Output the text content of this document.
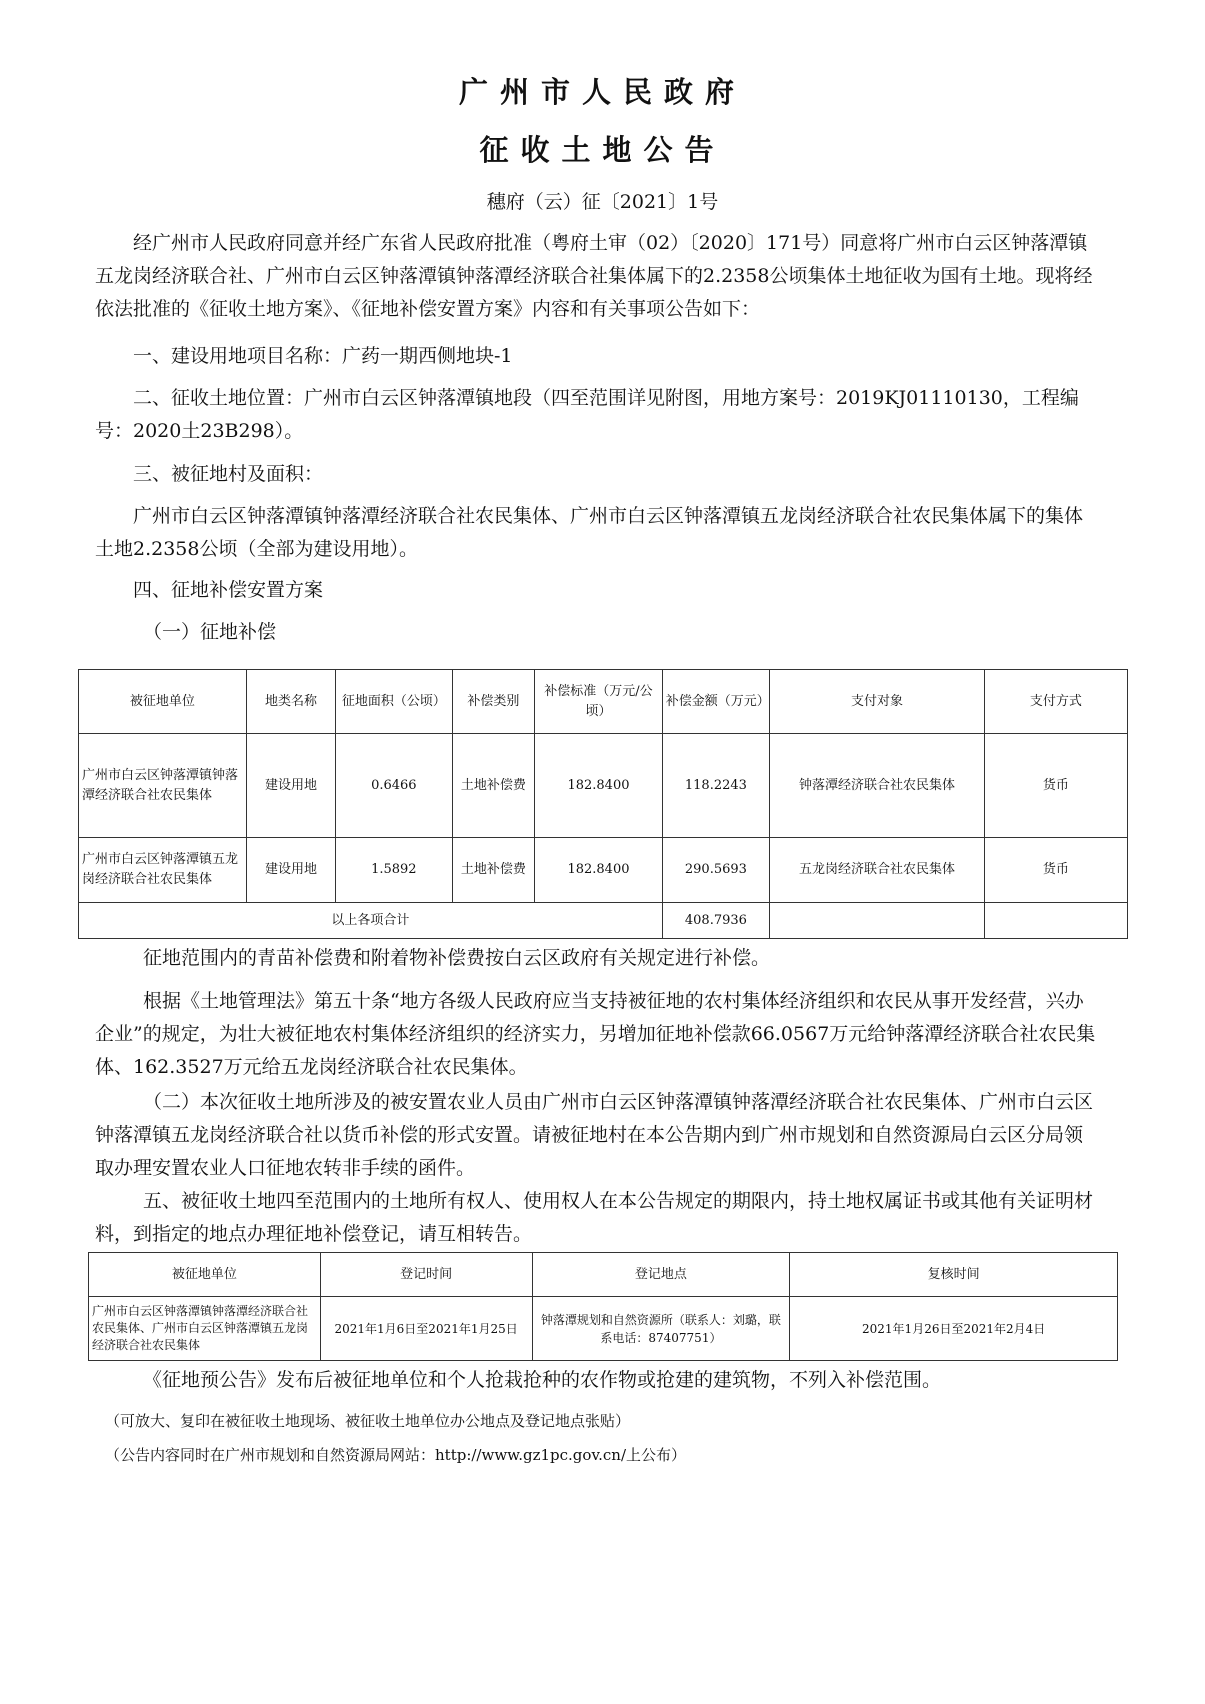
广州市人民政府
征收土地公告
穗府（云）征〔2021〕1号

经广州市人民政府同意并经广东省人民政府批准（粤府土审（02）〔2020〕171号）同意将广州市白云区钟落潭镇五龙岗经济联合社、广州市白云区钟落潭镇钟落潭经济联合社集体属下的2.2358公顷集体土地征收为国有土地。现将经依法批准的《征收土地方案》、《征地补偿安置方案》内容和有关事项公告如下：

一、建设用地项目名称：广药一期西侧地块-1

二、征收土地位置：广州市白云区钟落潭镇地段（四至范围详见附图，用地方案号：2019KJ01110130，工程编号：2020土23B298）。

三、被征地村及面积：

广州市白云区钟落潭镇钟落潭经济联合社农民集体、广州市白云区钟落潭镇五龙岗经济联合社农民集体属下的集体土地2.2358公顷（全部为建设用地）。

四、征地补偿安置方案

（一）征地补偿

被征地单位	地类名称	征地面积（公顷）	补偿类别	补偿标准（万元/公顷）	补偿金额（万元）	支付对象	支付方式
广州市白云区钟落潭镇钟落潭经济联合社农民集体	建设用地	0.6466	土地补偿费	182.8400	118.2243	钟落潭经济联合社农民集体	货币
广州市白云区钟落潭镇五龙岗经济联合社农民集体	建设用地	1.5892	土地补偿费	182.8400	290.5693	五龙岗经济联合社农民集体	货币
以上各项合计					408.7936		

征地范围内的青苗补偿费和附着物补偿费按白云区政府有关规定进行补偿。

根据《土地管理法》第五十条“地方各级人民政府应当支持被征地的农村集体经济组织和农民从事开发经营，兴办企业”的规定，为壮大被征地农村集体经济组织的经济实力，另增加征地补偿款66.0567万元给钟落潭经济联合社农民集体、162.3527万元给五龙岗经济联合社农民集体。

（二）本次征收土地所涉及的被安置农业人员由广州市白云区钟落潭镇钟落潭经济联合社农民集体、广州市白云区钟落潭镇五龙岗经济联合社以货币补偿的形式安置。请被征地村在本公告期内到广州市规划和自然资源局白云区分局领取办理安置农业人口征地农转非手续的函件。

五、被征收土地四至范围内的土地所有权人、使用权人在本公告规定的期限内，持土地权属证书或其他有关证明材料，到指定的地点办理征地补偿登记，请互相转告。

被征地单位	登记时间	登记地点	复核时间
广州市白云区钟落潭镇钟落潭经济联合社农民集体、广州市白云区钟落潭镇五龙岗经济联合社农民集体	2021年1月6日至2021年1月25日	钟落潭规划和自然资源所（联系人：刘璐，联系电话：87407751）	2021年1月26日至2021年2月4日

《征地预公告》发布后被征地单位和个人抢栽抢种的农作物或抢建的建筑物，不列入补偿范围。

（可放大、复印在被征收土地现场、被征收土地单位办公地点及登记地点张贴）

（公告内容同时在广州市规划和自然资源局网站：http://www.gz1pc.gov.cn/上公布）
